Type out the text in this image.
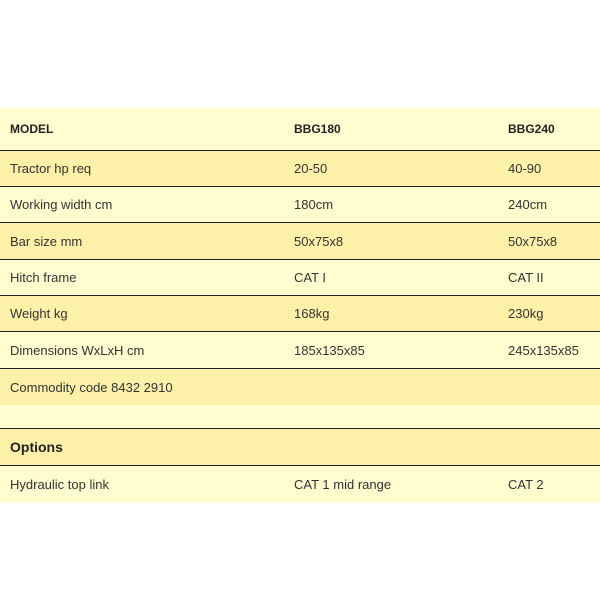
MODEL	BBG180	BBG240
Tractor hp req	20-50	40-90
Working width cm	180cm	240cm
Bar size mm	50x75x8	50x75x8
Hitch frame	CAT I	CAT II
Weight kg	168kg	230kg
Dimensions WxLxH cm	185x135x85	245x135x85
Commodity code 8432 2910
Options
Hydraulic top link	CAT 1 mid range	CAT 2
